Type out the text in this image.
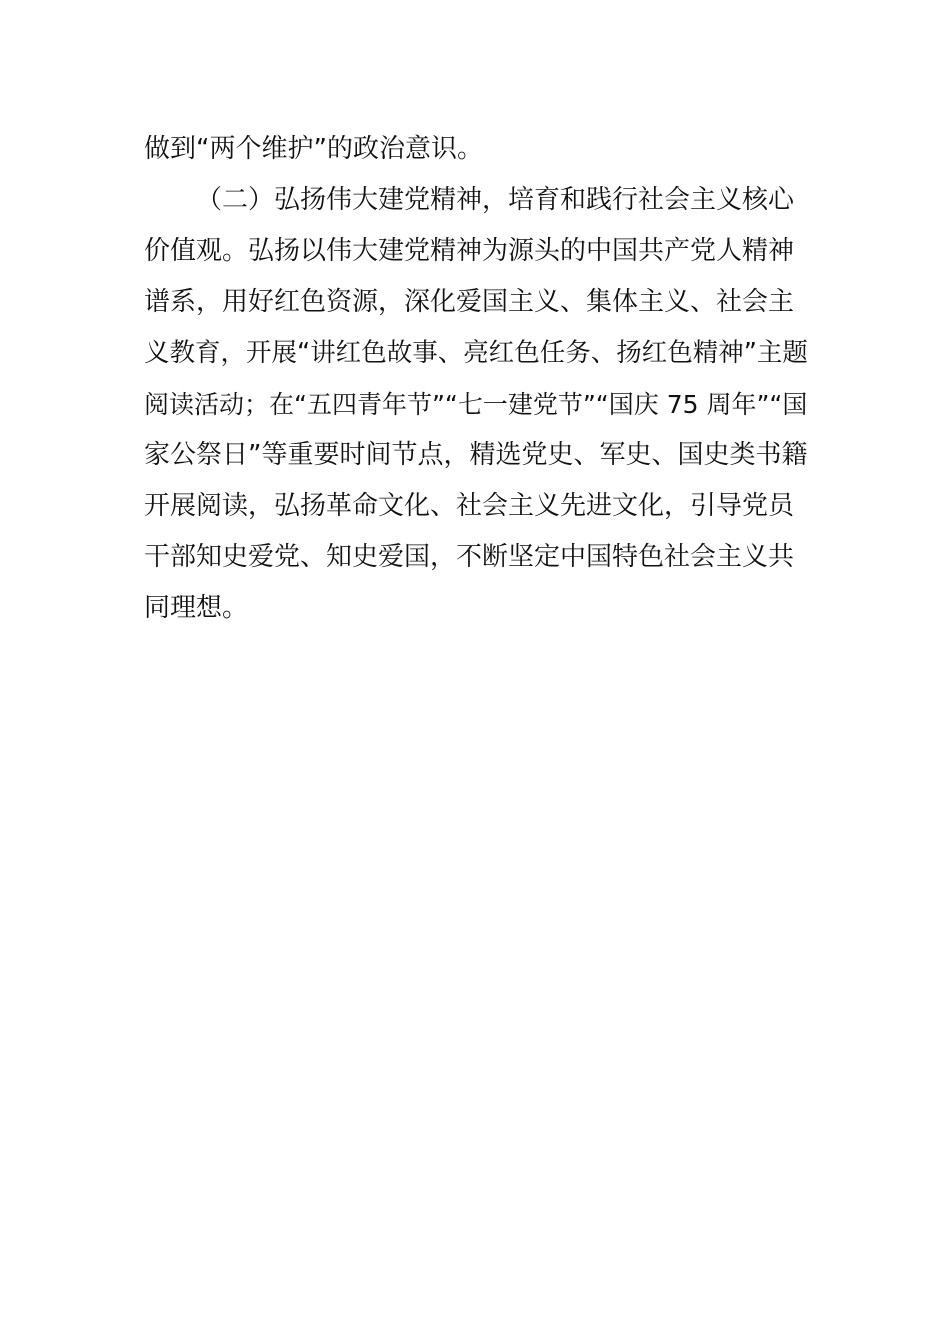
做到“两个维护”的政治意识。
（二）弘扬伟大建党精神，培育和践行社会主义核心
价值观。弘扬以伟大建党精神为源头的中国共产党人精神
谱系，用好红色资源，深化爱国主义、集体主义、社会主
义教育，开展“讲红色故事、亮红色任务、扬红色精神”主题
阅读活动；在“五四青年节”“七一建党节”“国庆 75 周年”“国
家公祭日”等重要时间节点，精选党史、军史、国史类书籍
开展阅读，弘扬革命文化、社会主义先进文化，引导党员
干部知史爱党、知史爱国，不断坚定中国特色社会主义共
同理想。
